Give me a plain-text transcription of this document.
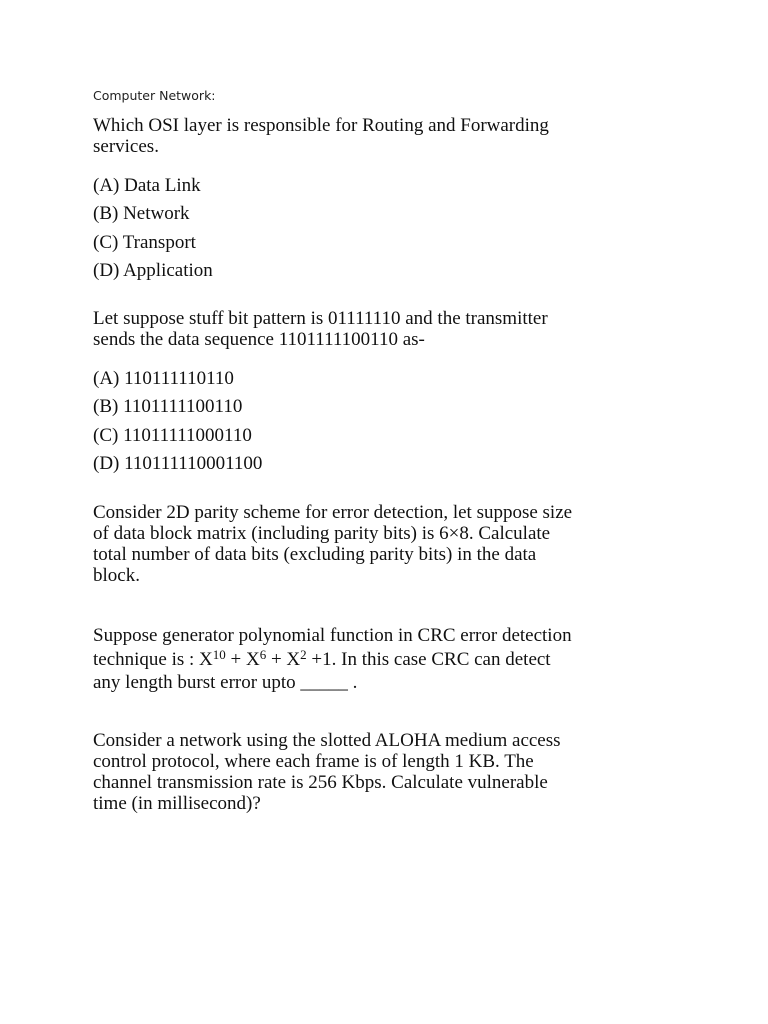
Computer Network:
Which OSI layer is responsible for Routing and Forwarding services.
(A) Data Link
(B) Network
(C) Transport
(D) Application
Let suppose stuff bit pattern is 01111110 and the transmitter sends the data sequence 1101111100110 as-
(A) 110111110110
(B) 1101111100110
(C) 11011111000110
(D) 110111110001100
Consider 2D parity scheme for error detection, let suppose size of data block matrix (including parity bits) is 6×8. Calculate total number of data bits (excluding parity bits) in the data block.
Suppose generator polynomial function in CRC error detection technique is : $X^{10} + X^6 + X^2 +1$. In this case CRC can detect any length burst error upto _____ .
Consider a network using the slotted ALOHA medium access control protocol, where each frame is of length 1 KB. The channel transmission rate is 256 Kbps. Calculate vulnerable time (in millisecond)?
